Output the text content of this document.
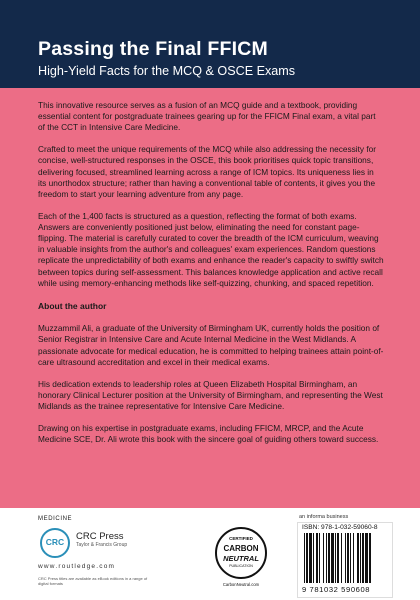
Passing the Final FFICM
High-Yield Facts for the MCQ & OSCE Exams

This innovative resource serves as a fusion of an MCQ guide and a textbook, providing essential content for postgraduate trainees gearing up for the FFICM Final exam, a vital part of the CCT in Intensive Care Medicine.

Crafted to meet the unique requirements of the MCQ while also addressing the necessity for concise, well-structured responses in the OSCE, this book prioritises quick topic transitions, delivering focused, streamlined learning across a range of ICM topics. Its uniqueness lies in its unorthodox structure; rather than having a conventional table of contents, it gives you the freedom to start your learning adventure from any page.

Each of the 1,400 facts is structured as a question, reflecting the format of both exams. Answers are conveniently positioned just below, eliminating the need for constant page-flipping. The material is carefully curated to cover the breadth of the ICM curriculum, weaving in valuable insights from the author's and colleagues' exam experiences. Random questions replicate the unpredictability of both exams and enhance the reader's capacity to swiftly switch between topics during self-assessment. This balances knowledge application and active recall while using memory-enhancing methods like self-quizzing, chunking, and spaced repetition.

About the author

Muzzammil Ali, a graduate of the University of Birmingham UK, currently holds the position of Senior Registrar in Intensive Care and Acute Internal Medicine in the West Midlands. A passionate advocate for medical education, he is committed to helping trainees attain point-of-care ultrasound accreditation and excel in their medical exams.

His dedication extends to leadership roles at Queen Elizabeth Hospital Birmingham, an honorary Clinical Lecturer position at the University of Birmingham, and representing the West Midlands as the trainee representative for Intensive Care Medicine.

Drawing on his expertise in postgraduate exams, including FFICM, MRCP, and the Acute Medicine SCE, Dr. Ali wrote this book with the sincere goal of guiding others toward success.

MEDICINE
CRC	CRC Press
Taylor & Francis Group
www.routledge.com
CRC Press titles are available as eBook editions in a range of digital formats
CERTIFIED
CARBON
NEUTRAL
PUBLICATION
CarbonNeutral.com
an informa business
ISBN: 978-1-032-59060-8
9 781032 590608
